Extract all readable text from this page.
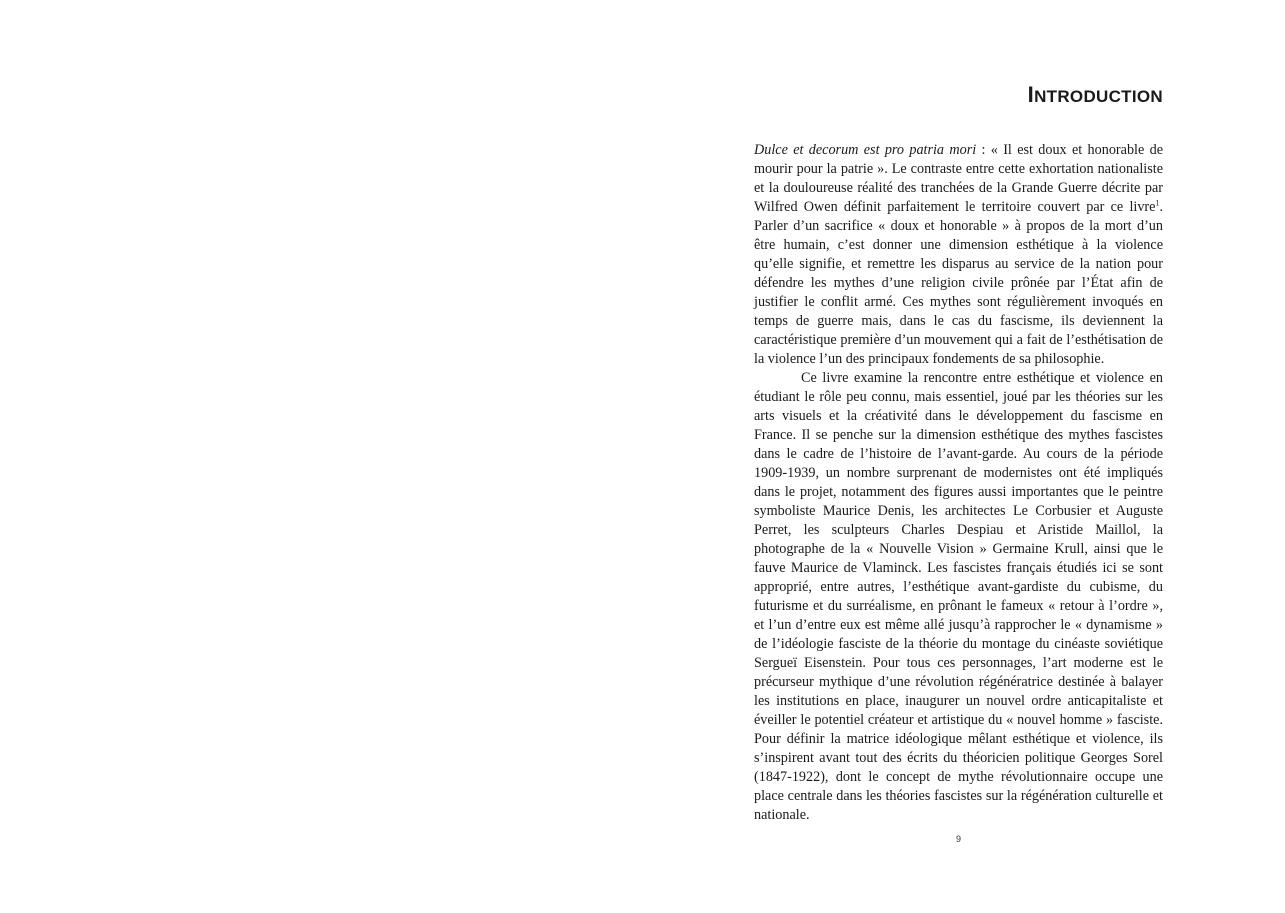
INTRODUCTION

Dulce et decorum est pro patria mori : « Il est doux et honorable de mourir pour la patrie ». Le contraste entre cette exhortation nationaliste et la douloureuse réalité des tranchées de la Grande Guerre décrite par Wilfred Owen définit parfaitement le territoire couvert par ce livre$^1$. Parler d’un sacrifice « doux et honorable » à propos de la mort d’un être humain, c’est donner une dimension esthétique à la violence qu’elle signifie, et remettre les disparus au service de la nation pour défendre les mythes d’une religion civile prônée par l’État afin de justifier le conflit armé. Ces mythes sont régulièrement invoqués en temps de guerre mais, dans le cas du fascisme, ils deviennent la caractéristique première d’un mouvement qui a fait de l’esthétisation de la violence l’un des principaux fondements de sa philosophie.

Ce livre examine la rencontre entre esthétique et violence en étudiant le rôle peu connu, mais essentiel, joué par les théories sur les arts visuels et la créativité dans le développement du fascisme en France. Il se penche sur la dimension esthétique des mythes fascistes dans le cadre de l’histoire de l’avant-garde. Au cours de la période 1909-1939, un nombre surprenant de modernistes ont été impliqués dans le projet, notamment des figures aussi importantes que le peintre symboliste Maurice Denis, les architectes Le Corbusier et Auguste Perret, les sculpteurs Charles Despiau et Aristide Maillol, la photographe de la « Nouvelle Vision » Germaine Krull, ainsi que le fauve Maurice de Vlaminck. Les fascistes français étudiés ici se sont approprié, entre autres, l’esthétique avant-gardiste du cubisme, du futurisme et du surréalisme, en prônant le fameux « retour à l’ordre », et l’un d’entre eux est même allé jusqu’à rapprocher le « dynamisme » de l’idéologie fasciste de la théorie du montage du cinéaste soviétique Sergueï Eisenstein. Pour tous ces personnages, l’art moderne est le précurseur mythique d’une révolution régénératrice destinée à balayer les institutions en place, inaugurer un nouvel ordre anticapitaliste et éveiller le potentiel créateur et artistique du « nouvel homme » fasciste. Pour définir la matrice idéologique mêlant esthétique et violence, ils s’inspirent avant tout des écrits du théoricien politique Georges Sorel (1847-1922), dont le concept de mythe révolutionnaire occupe une place centrale dans les théories fascistes sur la régénération culturelle et nationale.

9
